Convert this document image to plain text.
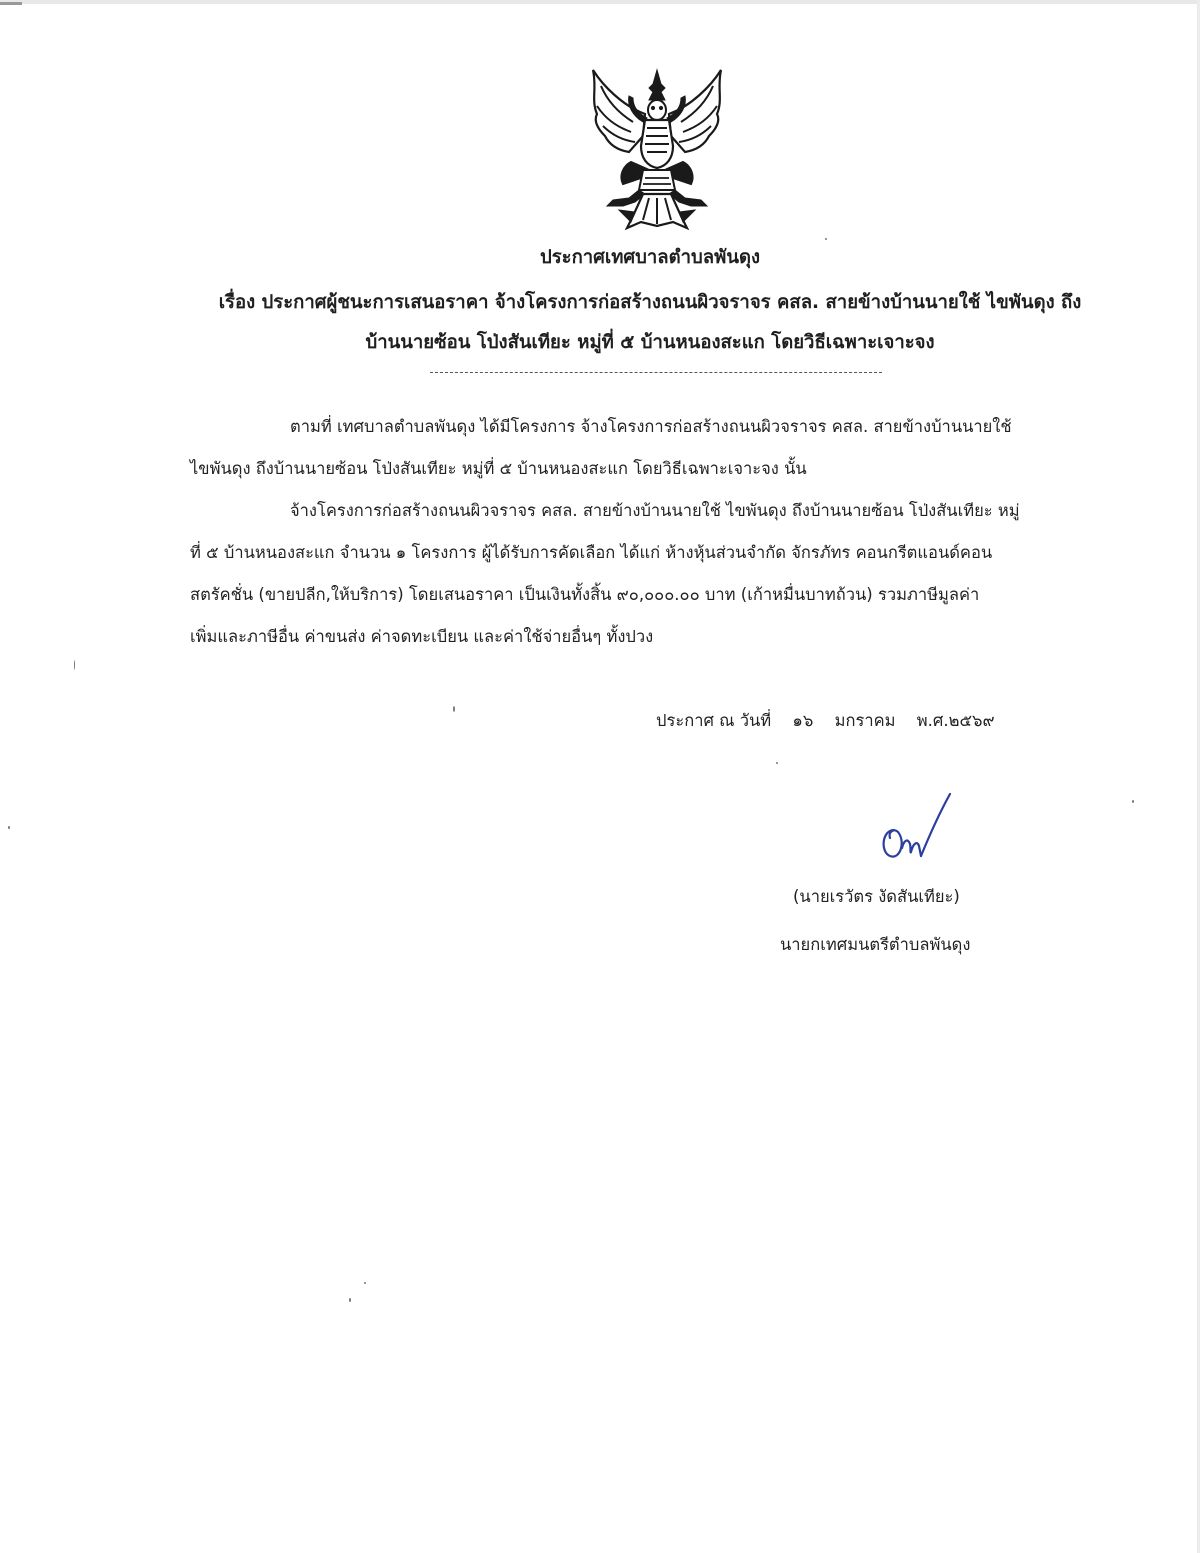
ประกาศเทศบาลตำบลพันดุง
เรื่อง ประกาศผู้ชนะการเสนอราคา จ้างโครงการก่อสร้างถนนผิวจราจร คสล. สายข้างบ้านนายใช้ ไขพันดุง ถึง
บ้านนายซ้อน โป่งสันเทียะ หมู่ที่ ๕ บ้านหนองสะแก โดยวิธีเฉพาะเจาะจง
ตามที่ เทศบาลตำบลพันดุง ได้มีโครงการ จ้างโครงการก่อสร้างถนนผิวจราจร คสล. สายข้างบ้านนายใช้
ไขพันดุง ถึงบ้านนายซ้อน โป่งสันเทียะ หมู่ที่ ๕ บ้านหนองสะแก โดยวิธีเฉพาะเจาะจง นั้น
จ้างโครงการก่อสร้างถนนผิวจราจร คสล. สายข้างบ้านนายใช้ ไขพันดุง ถึงบ้านนายซ้อน โป่งสันเทียะ หมู่
ที่ ๕ บ้านหนองสะแก จำนวน ๑ โครงการ ผู้ได้รับการคัดเลือก ได้แก่ ห้างหุ้นส่วนจำกัด จักรภัทร คอนกรีตแอนด์คอน
สตรัคชั่น (ขายปลีก,ให้บริการ) โดยเสนอราคา เป็นเงินทั้งสิ้น ๙๐,๐๐๐.๐๐ บาท (เก้าหมื่นบาทถ้วน) รวมภาษีมูลค่า
เพิ่มและภาษีอื่น ค่าขนส่ง ค่าจดทะเบียน และค่าใช้จ่ายอื่นๆ ทั้งปวง
ประกาศ ณ วันที่ ๑๖ มกราคม พ.ศ.๒๕๖๙
(นายเรวัตร งัดสันเทียะ)
นายกเทศมนตรีตำบลพันดุง
